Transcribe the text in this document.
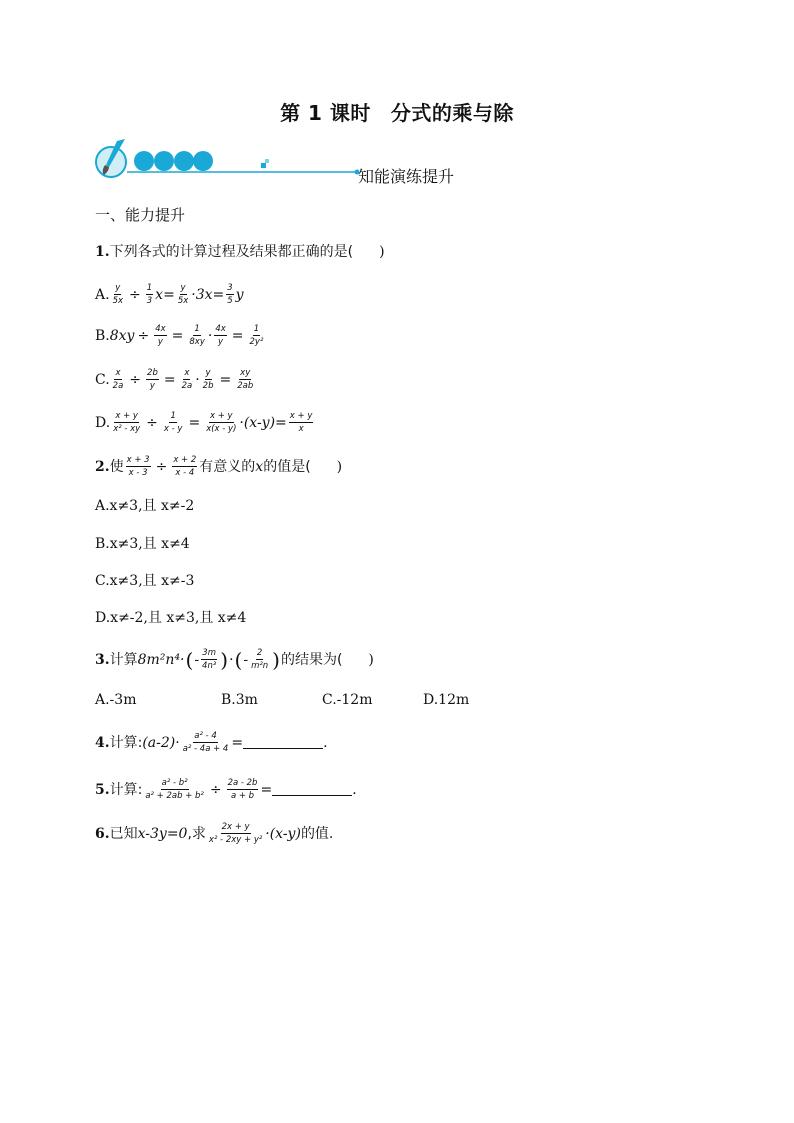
第 1 课时 分式的乘与除
知能演练提升
一、能力提升
1. 下列各式的计算过程及结果都正确的是( )
A. $\frac{y}{5x} \div \frac{1}{3} x= \frac{y}{5x} \cdot 3x= \frac{3}{5}$ y
B. $8xy \div \frac{4x}{y} = \frac{1}{8xy} \cdot \frac{4x}{y} = \frac{1}{\text{2y²}}$
C. $\frac{x}{2a} \div \frac{2b}{y} = \frac{x}{2a} \cdot \frac{y}{2b} = \frac{xy}{2ab}$
D. $\frac{x + y}{\text{x² - xy}} \div \frac{1}{x - y} = \frac{x + y}{x(x - y)} \cdot(x-y)= \frac{x + y}{x}$
2. 使 $\frac{x + 3}{x - 3} \div \frac{x + 2}{x - 4}$ 有意义的 x 的值是( )
A.x≠3,且 x≠-2
B.x≠3,且 x≠4
C.x≠3,且 x≠-3
D.x≠-2,且 x≠3,且 x≠4
3. 计算 8m²n⁴· ( - $\frac{3m}{\text{4n³}}$ ) · ( - $\frac{2}{\text{m²n}}$ ) 的结果为( )
A.-3m	B.3m	C.-12m	D.12m
4. 计算: $(a-2)\cdot \frac{\text{a² - 4}}{\text{a² - 4a + 4}}$ =	.
5. 计算: $\frac{\text{a² - b²}}{\text{a² + 2ab + b²}} \div \frac{2a - 2b}{a + b}$ =	.
6. 已知 x-3y=0 ,求 $\frac{2x + y}{\text{x² - 2xy + y²}} \cdot(x-y)$ 的值.
